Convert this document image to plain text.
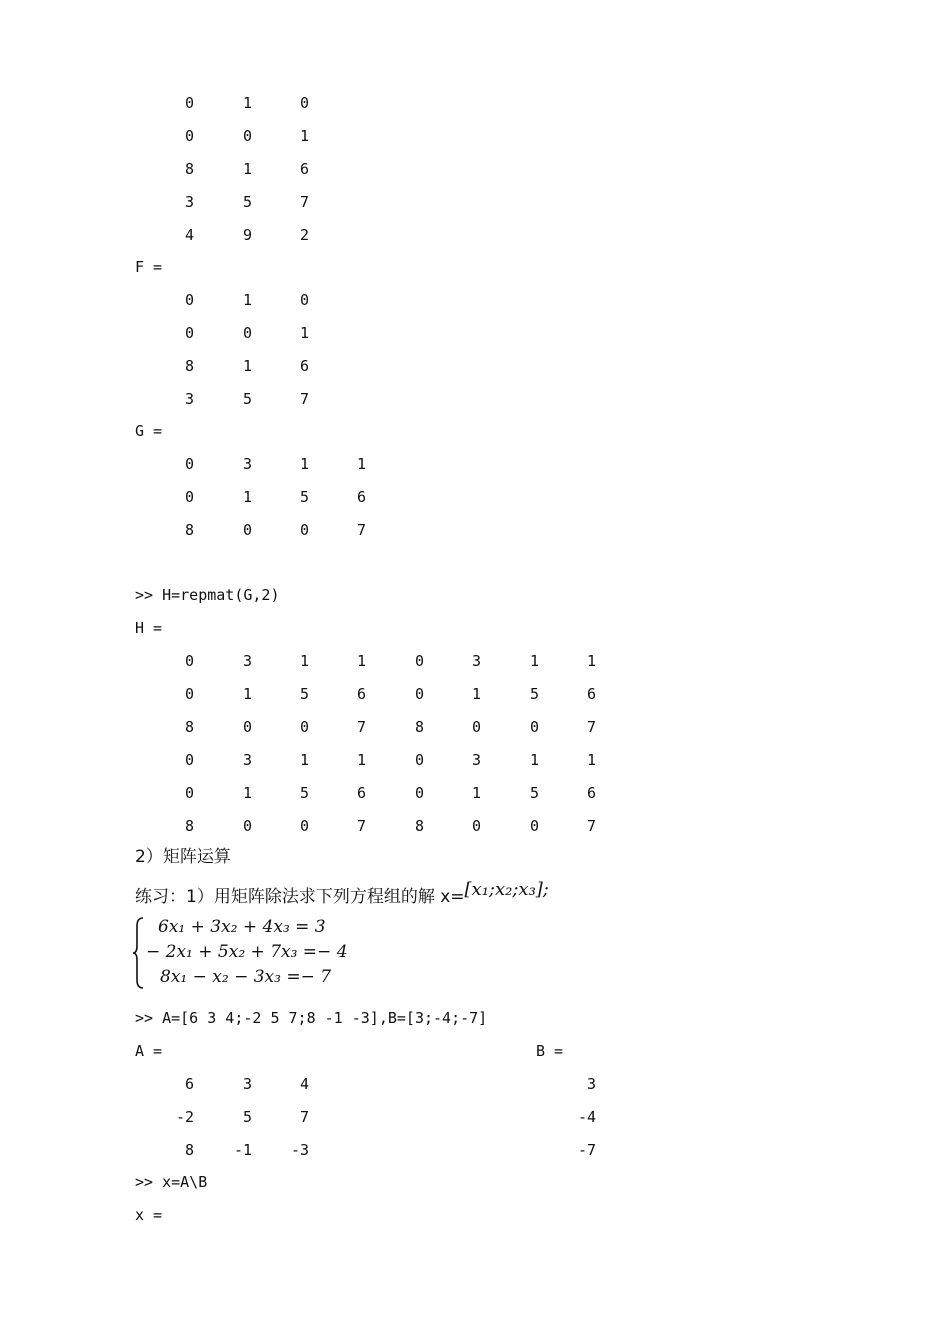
0	1	0
0	0	1
8	1	6
3	5	7
4	9	2
F =
0	1	0
0	0	1
8	1	6
3	5	7
G =
0	3	1	1
0	1	5	6
8	0	0	7
>> H=repmat(G,2)
H =
0	3	1	1	0	3	1	1
0	1	5	6	0	1	5	6
8	0	0	7	8	0	0	7
0	3	1	1	0	3	1	1
0	1	5	6	0	1	5	6
8	0	0	7	8	0	0	7
2）矩阵运算
练习：1）用矩阵除法求下列方程组的解 x=[x₁;x₂;x₃];
6x₁ + 3x₂ + 4x₃ = 3
− 2x₁ + 5x₂ + 7x₃ =− 4
8x₁ − x₂ − 3x₃ =− 7
>> A=[6 3 4;-2 5 7;8 -1 -3],B=[3;-4;-7]
A =	B =
6	3	4
-2	5	7
8	-1	-3
3
-4
-7
>> x=A\B
x =
